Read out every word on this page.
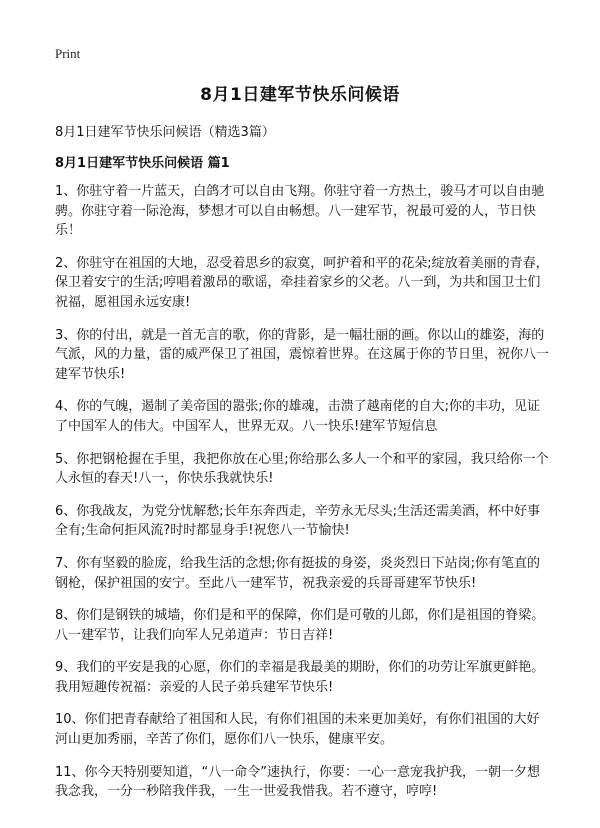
Print
8月1日建军节快乐问候语
8月1日建军节快乐问候语（精选3篇）
8月1日建军节快乐问候语 篇1

1、你驻守着一片蓝天，白鸽才可以自由飞翔。你驻守着一方热土，骏马才可以自由驰骋。你驻守着一际沧海，梦想才可以自由畅想。八一建军节，祝最可爱的人，节日快乐！

2、你驻守在祖国的大地，忍受着思乡的寂寞，呵护着和平的花朵;绽放着美丽的青春，保卫着安宁的生活;哼唱着激昂的歌谣，牵挂着家乡的父老。八一到，为共和国卫士们祝福，愿祖国永远安康!

3、你的付出，就是一首无言的歌，你的背影，是一幅壮丽的画。你以山的雄姿，海的气派，风的力量，雷的威严保卫了祖国，震惊着世界。在这属于你的节日里，祝你八一建军节快乐!

4、你的气魄，遏制了美帝国的嚣张;你的雄魂，击溃了越南佬的自大;你的丰功，见证了中国军人的伟大。中国军人，世界无双。八一快乐!建军节短信息

5、你把钢枪握在手里，我把你放在心里;你给那么多人一个和平的家园，我只给你一个人永恒的春天!八一，你快乐我就快乐!

6、你我战友，为党分忧解愁;长年东奔西走，辛劳永无尽头;生活还需美酒，杯中好事全有;生命何拒风流?时时都显身手!祝您八一节愉快!

7、你有坚毅的脸庞，给我生活的念想;你有挺拔的身姿，炎炎烈日下站岗;你有笔直的钢枪，保护祖国的安宁。至此八一建军节，祝我亲爱的兵哥哥建军节快乐!

8、你们是钢铁的城墙，你们是和平的保障，你们是可敬的儿郎，你们是祖国的脊梁。八一建军节，让我们向军人兄弟道声：节日吉祥!

9、我们的平安是我的心愿，你们的幸福是我最美的期盼，你们的功劳让军旗更鲜艳。我用短趣传祝福：亲爱的人民子弟兵建军节快乐!

10、你们把青春献给了祖国和人民，有你们祖国的未来更加美好，有你们祖国的大好河山更加秀丽，辛苦了你们，愿你们八一快乐，健康平安。

11、你今天特别要知道，“八一命令”速执行，你要：一心一意宠我护我，一朝一夕想我念我，一分一秒陪我伴我，一生一世爱我惜我。若不遵守，哼哼!
